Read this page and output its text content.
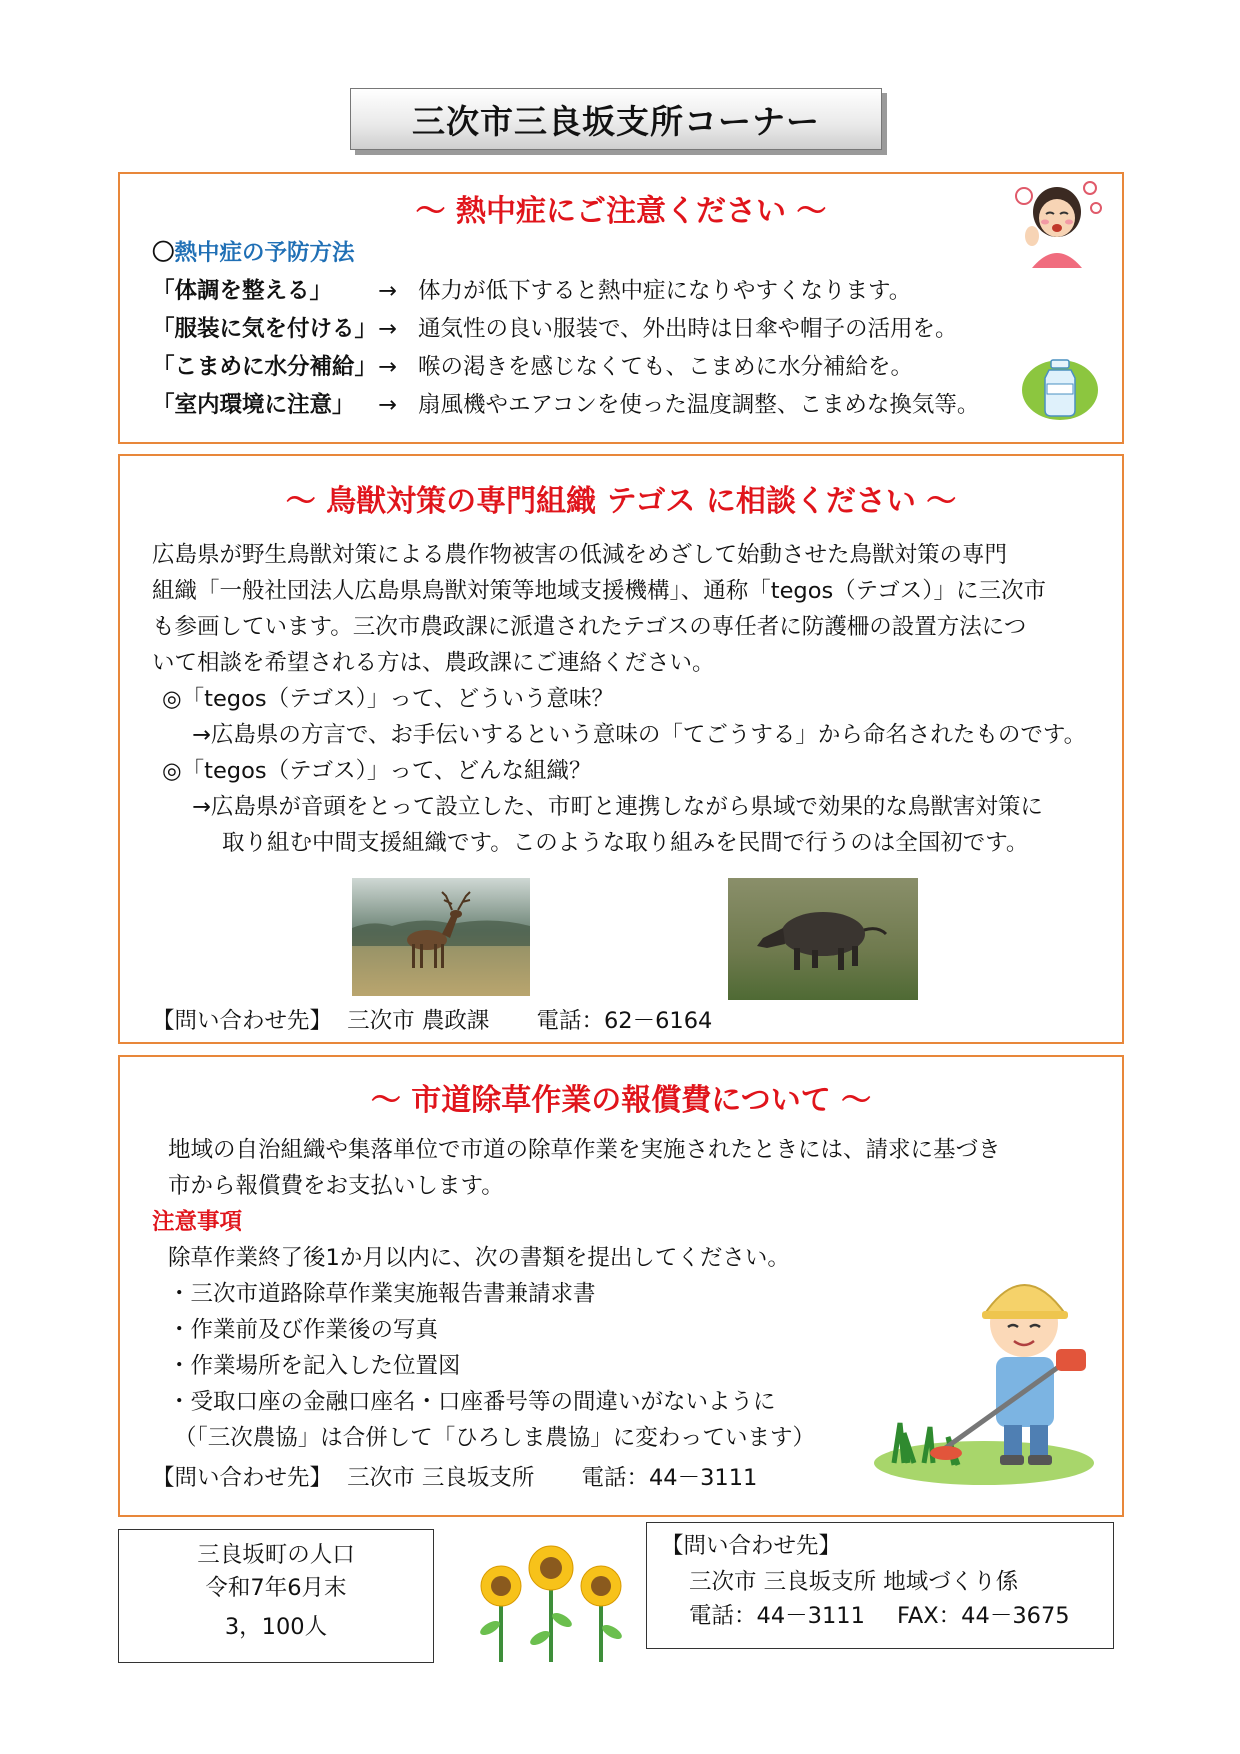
三次市三良坂支所コーナー
～ 熱中症にご注意ください ～
〇熱中症の予防方法
「体調を整える」 → 体力が低下すると熱中症になりやすくなります。
「服装に気を付ける」 → 通気性の良い服装で、外出時は日傘や帽子の活用を。
「こまめに水分補給」 → 喉の渇きを感じなくても、こまめに水分補給を。
「室内環境に注意」 → 扇風機やエアコンを使った温度調整、こまめな換気等。
～ 鳥獣対策の専門組織 テゴス に相談ください ～
広島県が野生鳥獣対策による農作物被害の低減をめざして始動させた鳥獣対策の専門
組織「一般社団法人広島県鳥獣対策等地域支援機構」、通称「tegos（テゴス）」に三次市
も参画しています。三次市農政課に派遣されたテゴスの専任者に防護柵の設置方法につ
いて相談を希望される方は、農政課にご連絡ください。
◎「tegos（テゴス）」って、どういう意味？
→広島県の方言で、お手伝いするという意味の「てごうする」から命名されたものです。
◎「tegos（テゴス）」って、どんな組織？
→広島県が音頭をとって設立した、市町と連携しながら県域で効果的な鳥獣害対策に
取り組む中間支援組織です。このような取り組みを民間で行うのは全国初です。
【問い合わせ先】 三次市 農政課 電話：62－6164
～ 市道除草作業の報償費について ～
地域の自治組織や集落単位で市道の除草作業を実施されたときには、請求に基づき
市から報償費をお支払いします。
注意事項
除草作業終了後1か月以内に、次の書類を提出してください。
・三次市道路除草作業実施報告書兼請求書
・作業前及び作業後の写真
・作業場所を記入した位置図
・受取口座の金融口座名・口座番号等の間違いがないように
（「三次農協」は合併して「ひろしま農協」に変わっています）
【問い合わせ先】 三次市 三良坂支所 電話：44－3111
三良坂町の人口
令和7年6月末
3，100人
【問い合わせ先】
三次市 三良坂支所 地域づくり係
電話：44－3111 FAX：44－3675
